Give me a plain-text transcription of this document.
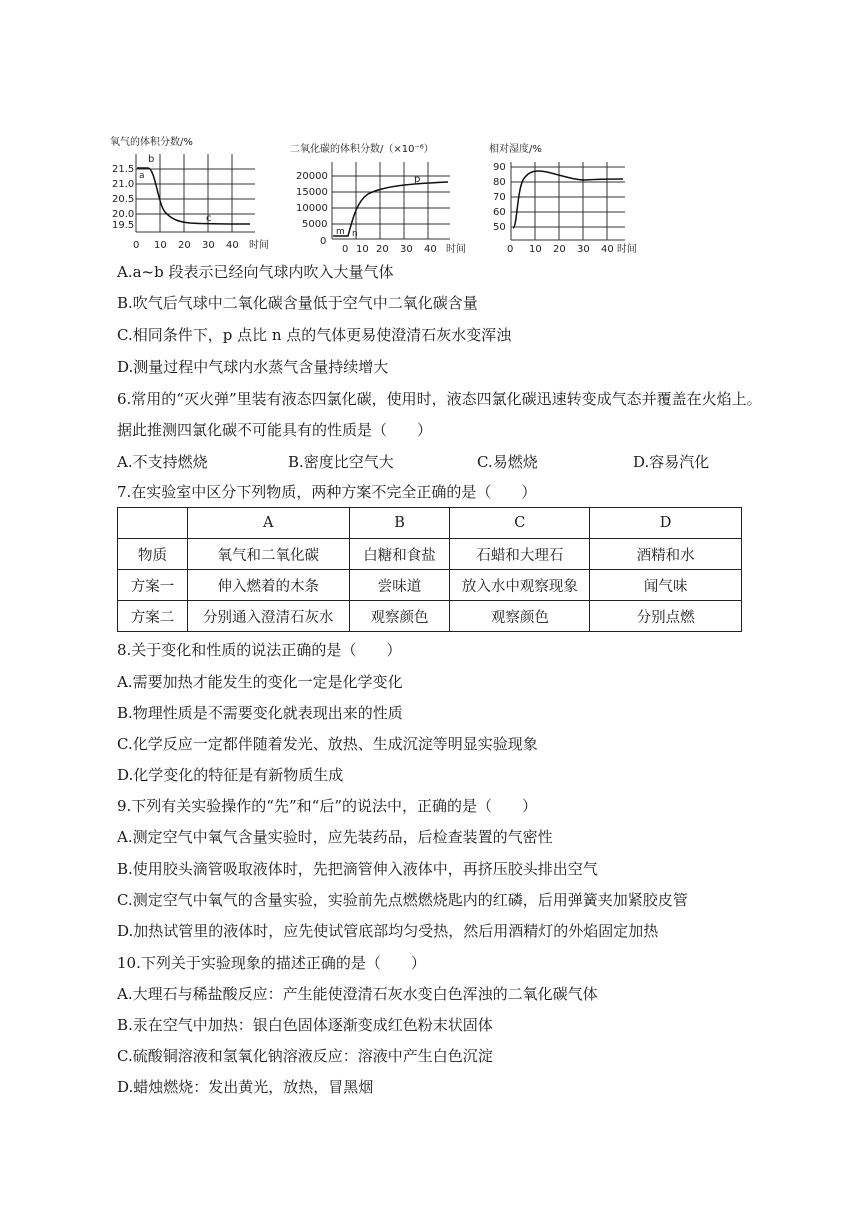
氧气的体积分数/%
21.5
21.0
20.5
20.0
19.5
b
a
c
0 10 20 30 40 时间
二氧化碳的体积分数/（×10⁻⁶）
20000
15000
10000
5000
0
m n
p
0 10 20 30 40 时间
相对湿度/%
90
80
70
60
50
0 10 20 30 40 时间
A.a~b 段表示已经向气球内吹入大量气体
B.吹气后气球中二氧化碳含量低于空气中二氧化碳含量
C.相同条件下，p 点比 n 点的气体更易使澄清石灰水变浑浊
D.测量过程中气球内水蒸气含量持续增大
6.常用的“灭火弹”里装有液态四氯化碳，使用时，液态四氯化碳迅速转变成气态并覆盖在火焰上。
据此推测四氯化碳不可能具有的性质是（　　）
A.不支持燃烧	B.密度比空气大	C.易燃烧	D.容易汽化
7.在实验室中区分下列物质，两种方案不完全正确的是（　　）
	A	B	C	D
物质	氧气和二氧化碳	白糖和食盐	石蜡和大理石	酒精和水
方案一	伸入燃着的木条	尝味道	放入水中观察现象	闻气味
方案二	分别通入澄清石灰水	观察颜色	观察颜色	分别点燃
8.关于变化和性质的说法正确的是（　　）
A.需要加热才能发生的变化一定是化学变化
B.物理性质是不需要变化就表现出来的性质
C.化学反应一定都伴随着发光、放热、生成沉淀等明显实验现象
D.化学变化的特征是有新物质生成
9.下列有关实验操作的“先”和“后”的说法中，正确的是（　　）
A.测定空气中氧气含量实验时，应先装药品，后检查装置的气密性
B.使用胶头滴管吸取液体时，先把滴管伸入液体中，再挤压胶头排出空气
C.测定空气中氧气的含量实验，实验前先点燃燃烧匙内的红磷，后用弹簧夹加紧胶皮管
D.加热试管里的液体时，应先使试管底部均匀受热，然后用酒精灯的外焰固定加热
10.下列关于实验现象的描述正确的是（　　）
A.大理石与稀盐酸反应：产生能使澄清石灰水变白色浑浊的二氧化碳气体
B.汞在空气中加热：银白色固体逐渐变成红色粉末状固体
C.硫酸铜溶液和氢氧化钠溶液反应：溶液中产生白色沉淀
D.蜡烛燃烧：发出黄光，放热，冒黑烟
